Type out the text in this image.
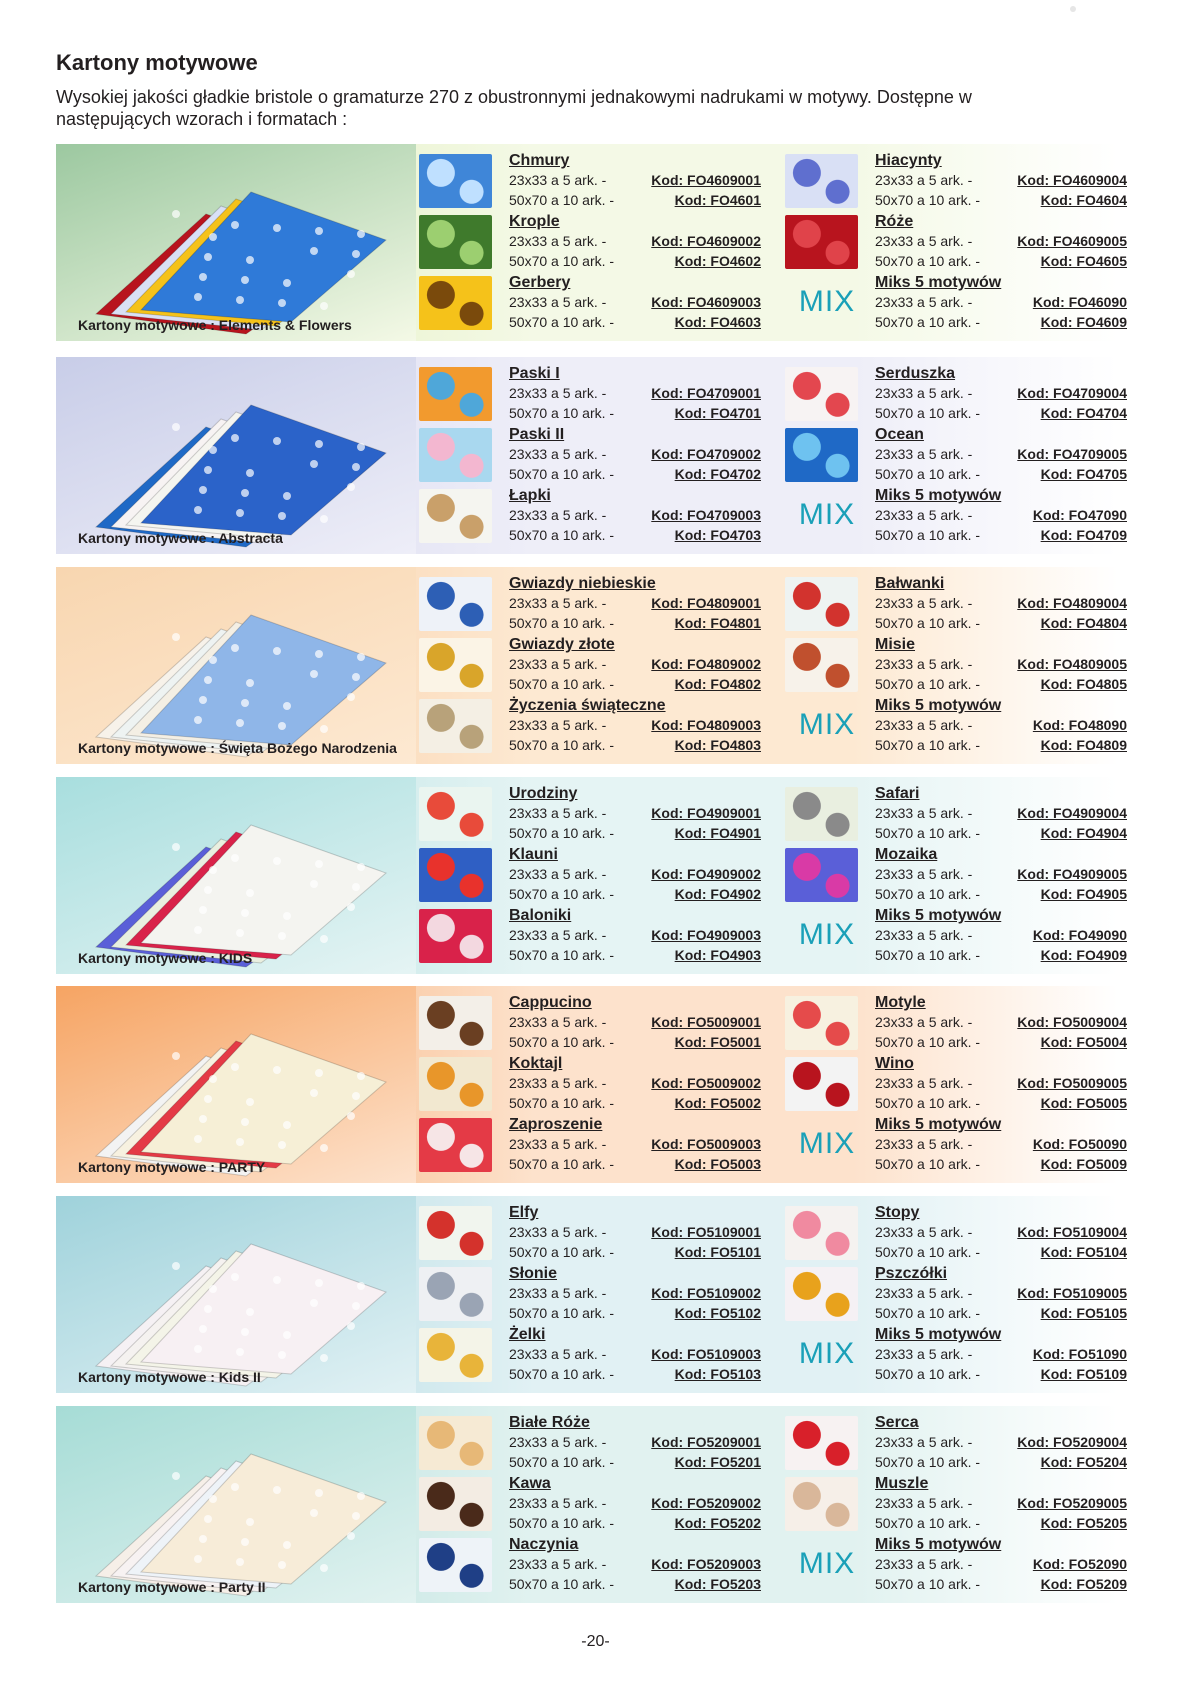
Kartony motywowe

Wysokiej jakości gładkie bristole o gramaturze 270 z obustronnymi jednakowymi nadrukami w motywy. Dostępne w następujących wzorach i formatach :

Kartony motywowe : Elements & Flowers
Chmury
23x33 a 5 ark. -	Kod: FO4609001
50x70 a 10 ark. -	Kod: FO4601
Krople
23x33 a 5 ark. -	Kod: FO4609002
50x70 a 10 ark. -	Kod: FO4602
Gerbery
23x33 a 5 ark. -	Kod: FO4609003
50x70 a 10 ark. -	Kod: FO4603
Hiacynty
23x33 a 5 ark. -	Kod: FO4609004
50x70 a 10 ark. -	Kod: FO4604
Róże
23x33 a 5 ark. -	Kod: FO4609005
50x70 a 10 ark. -	Kod: FO4605
MIX
Miks 5 motywów
23x33 a 5 ark. -	Kod: FO46090
50x70 a 10 ark. -	Kod: FO4609
Kartony motywowe : Abstracta
Paski I
23x33 a 5 ark. -	Kod: FO4709001
50x70 a 10 ark. -	Kod: FO4701
Paski II
23x33 a 5 ark. -	Kod: FO4709002
50x70 a 10 ark. -	Kod: FO4702
Łapki
23x33 a 5 ark. -	Kod: FO4709003
50x70 a 10 ark. -	Kod: FO4703
Serduszka
23x33 a 5 ark. -	Kod: FO4709004
50x70 a 10 ark. -	Kod: FO4704
Ocean
23x33 a 5 ark. -	Kod: FO4709005
50x70 a 10 ark. -	Kod: FO4705
MIX
Miks 5 motywów
23x33 a 5 ark. -	Kod: FO47090
50x70 a 10 ark. -	Kod: FO4709
Kartony motywowe : Święta Bożego Narodzenia
Gwiazdy niebieskie
23x33 a 5 ark. -	Kod: FO4809001
50x70 a 10 ark. -	Kod: FO4801
Gwiazdy złote
23x33 a 5 ark. -	Kod: FO4809002
50x70 a 10 ark. -	Kod: FO4802
Życzenia świąteczne
23x33 a 5 ark. -	Kod: FO4809003
50x70 a 10 ark. -	Kod: FO4803
Bałwanki
23x33 a 5 ark. -	Kod: FO4809004
50x70 a 10 ark. -	Kod: FO4804
Misie
23x33 a 5 ark. -	Kod: FO4809005
50x70 a 10 ark. -	Kod: FO4805
MIX
Miks 5 motywów
23x33 a 5 ark. -	Kod: FO48090
50x70 a 10 ark. -	Kod: FO4809
Kartony motywowe : KIDS
Urodziny
23x33 a 5 ark. -	Kod: FO4909001
50x70 a 10 ark. -	Kod: FO4901
Klauni
23x33 a 5 ark. -	Kod: FO4909002
50x70 a 10 ark. -	Kod: FO4902
Baloniki
23x33 a 5 ark. -	Kod: FO4909003
50x70 a 10 ark. -	Kod: FO4903
Safari
23x33 a 5 ark. -	Kod: FO4909004
50x70 a 10 ark. -	Kod: FO4904
Mozaika
23x33 a 5 ark. -	Kod: FO4909005
50x70 a 10 ark. -	Kod: FO4905
MIX
Miks 5 motywów
23x33 a 5 ark. -	Kod: FO49090
50x70 a 10 ark. -	Kod: FO4909
Kartony motywowe : PARTY
Cappucino
23x33 a 5 ark. -	Kod: FO5009001
50x70 a 10 ark. -	Kod: FO5001
Koktajl
23x33 a 5 ark. -	Kod: FO5009002
50x70 a 10 ark. -	Kod: FO5002
Zaproszenie
23x33 a 5 ark. -	Kod: FO5009003
50x70 a 10 ark. -	Kod: FO5003
Motyle
23x33 a 5 ark. -	Kod: FO5009004
50x70 a 10 ark. -	Kod: FO5004
Wino
23x33 a 5 ark. -	Kod: FO5009005
50x70 a 10 ark. -	Kod: FO5005
MIX
Miks 5 motywów
23x33 a 5 ark. -	Kod: FO50090
50x70 a 10 ark. -	Kod: FO5009
Kartony motywowe : Kids II
Elfy
23x33 a 5 ark. -	Kod: FO5109001
50x70 a 10 ark. -	Kod: FO5101
Słonie
23x33 a 5 ark. -	Kod: FO5109002
50x70 a 10 ark. -	Kod: FO5102
Żelki
23x33 a 5 ark. -	Kod: FO5109003
50x70 a 10 ark. -	Kod: FO5103
Stopy
23x33 a 5 ark. -	Kod: FO5109004
50x70 a 10 ark. -	Kod: FO5104
Pszczółki
23x33 a 5 ark. -	Kod: FO5109005
50x70 a 10 ark. -	Kod: FO5105
MIX
Miks 5 motywów
23x33 a 5 ark. -	Kod: FO51090
50x70 a 10 ark. -	Kod: FO5109
Kartony motywowe : Party II
Białe Róże
23x33 a 5 ark. -	Kod: FO5209001
50x70 a 10 ark. -	Kod: FO5201
Kawa
23x33 a 5 ark. -	Kod: FO5209002
50x70 a 10 ark. -	Kod: FO5202
Naczynia
23x33 a 5 ark. -	Kod: FO5209003
50x70 a 10 ark. -	Kod: FO5203
Serca
23x33 a 5 ark. -	Kod: FO5209004
50x70 a 10 ark. -	Kod: FO5204
Muszle
23x33 a 5 ark. -	Kod: FO5209005
50x70 a 10 ark. -	Kod: FO5205
MIX
Miks 5 motywów
23x33 a 5 ark. -	Kod: FO52090
50x70 a 10 ark. -	Kod: FO5209
-20-
